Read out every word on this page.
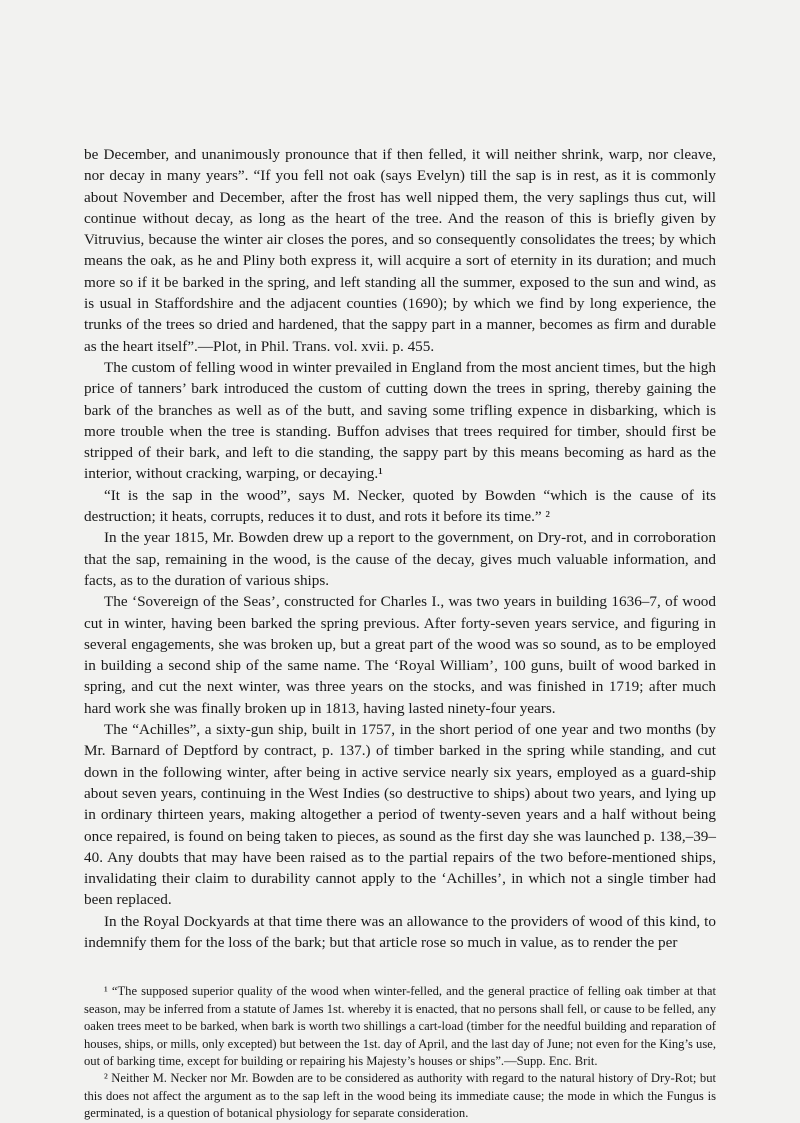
be December, and unanimously pronounce that if then felled, it will neither shrink, warp, nor cleave, nor decay in many years”. “If you fell not oak (says Evelyn) till the sap is in rest, as it is commonly about November and December, after the frost has well nipped them, the very saplings thus cut, will continue without decay, as long as the heart of the tree. And the reason of this is briefly given by Vitruvius, because the winter air closes the pores, and so consequently consolidates the trees; by which means the oak, as he and Pliny both express it, will acquire a sort of eternity in its duration; and much more so if it be barked in the spring, and left standing all the summer, exposed to the sun and wind, as is usual in Staffordshire and the adjacent counties (1690); by which we find by long experience, the trunks of the trees so dried and hardened, that the sappy part in a manner, becomes as firm and durable as the heart itself”.—Plot, in Phil. Trans. vol. xvii. p. 455.

The custom of felling wood in winter prevailed in England from the most ancient times, but the high price of tanners’ bark introduced the custom of cutting down the trees in spring, thereby gaining the bark of the branches as well as of the butt, and saving some trifling expence in disbarking, which is more trouble when the tree is standing. Buffon advises that trees required for timber, should first be stripped of their bark, and left to die standing, the sappy part by this means becoming as hard as the interior, without cracking, warping, or decaying.¹

“It is the sap in the wood”, says M. Necker, quoted by Bowden “which is the cause of its destruction; it heats, corrupts, reduces it to dust, and rots it before its time.” ²

In the year 1815, Mr. Bowden drew up a report to the government, on Dry-rot, and in corroboration that the sap, remaining in the wood, is the cause of the decay, gives much valuable information, and facts, as to the duration of various ships.

The ‘Sovereign of the Seas’, constructed for Charles I., was two years in building 1636–7, of wood cut in winter, having been barked the spring previous. After forty-seven years service, and figuring in several engagements, she was broken up, but a great part of the wood was so sound, as to be employed in building a second ship of the same name. The ‘Royal William’, 100 guns, built of wood barked in spring, and cut the next winter, was three years on the stocks, and was finished in 1719; after much hard work she was finally broken up in 1813, having lasted ninety-four years.

The “Achilles”, a sixty-gun ship, built in 1757, in the short period of one year and two months (by Mr. Barnard of Deptford by contract, p. 137.) of timber barked in the spring while standing, and cut down in the following winter, after being in active service nearly six years, employed as a guard-ship about seven years, continuing in the West Indies (so destructive to ships) about two years, and lying up in ordinary thirteen years, making altogether a period of twenty-seven years and a half without being once repaired, is found on being taken to pieces, as sound as the first day she was launched p. 138,–39–40. Any doubts that may have been raised as to the partial repairs of the two before-mentioned ships, invalidating their claim to durability cannot apply to the ‘Achilles’, in which not a single timber had been replaced.

In the Royal Dockyards at that time there was an allowance to the providers of wood of this kind, to indemnify them for the loss of the bark; but that article rose so much in value, as to render the per

¹ “The supposed superior quality of the wood when winter-felled, and the general practice of felling oak timber at that season, may be inferred from a statute of James 1st. whereby it is enacted, that no persons shall fell, or cause to be felled, any oaken trees meet to be barked, when bark is worth two shillings a cart-load (timber for the needful building and reparation of houses, ships, or mills, only excepted) but between the 1st. day of April, and the last day of June; not even for the King’s use, out of barking time, except for building or repairing his Majesty’s houses or ships”.—Supp. Enc. Brit.

² Neither M. Necker nor Mr. Bowden are to be considered as authority with regard to the natural history of Dry-Rot; but this does not affect the argument as to the sap left in the wood being its immediate cause; the mode in which the Fungus is germinated, is a question of botanical physiology for separate consideration.
